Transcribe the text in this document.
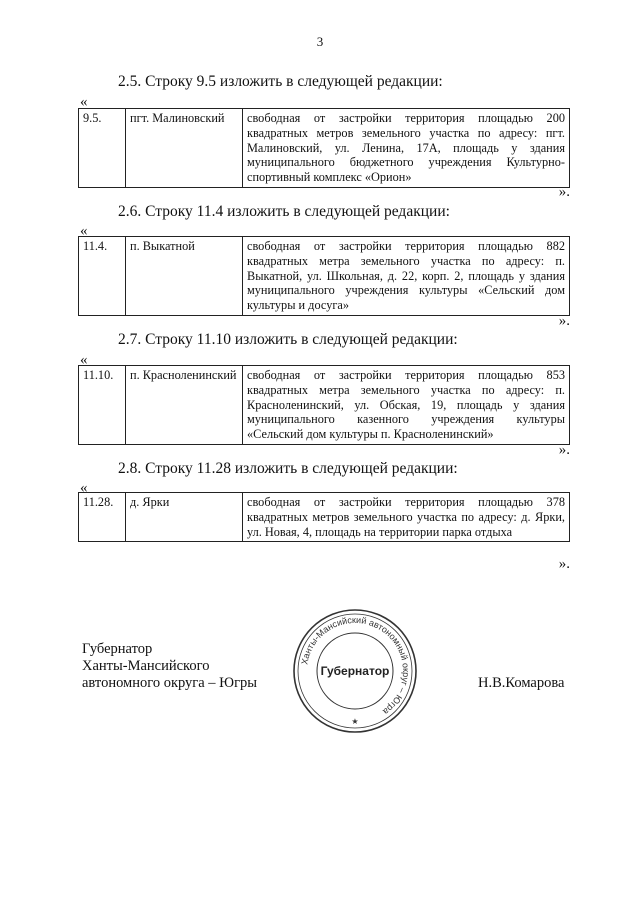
3
2.5. Строку 9.5 изложить в следующей редакции:
«
9.5.	пгт. Малиновский	свободная от застройки территория площадью 200 квадратных метров земельного участка по адресу: пгт. Малиновский, ул. Ленина, 17А, площадь у здания муниципального бюджетного учреждения Культурно-спортивный комплекс «Орион»
».
2.6. Строку 11.4 изложить в следующей редакции:
«
11.4.	п. Выкатной	свободная от застройки территория площадью 882 квадратных метра земельного участка по адресу: п. Выкатной, ул. Школьная, д. 22, корп. 2, площадь у здания муниципального учреждения культуры «Сельский дом культуры и досуга»
».
2.7. Строку 11.10 изложить в следующей редакции:
«
11.10.	п. Красноленинский	свободная от застройки территория площадью 853 квадратных метра земельного участка по адресу: п. Красноленинский, ул. Обская, 19, площадь у здания муниципального казенного учреждения культуры «Сельский дом культуры п. Красноленинский»
».
2.8. Строку 11.28 изложить в следующей редакции:
«
11.28.	д. Ярки	свободная от застройки территория площадью 378 квадратных метров земельного участка по адресу: д. Ярки, ул. Новая, 4, площадь на территории парка отдыха
».
Губернатор
Ханты-Мансийского
автономного округа – Югры	Н.В.Комарова
Ханты-Мансийский автономный округ – Югра
Губернатор
★
